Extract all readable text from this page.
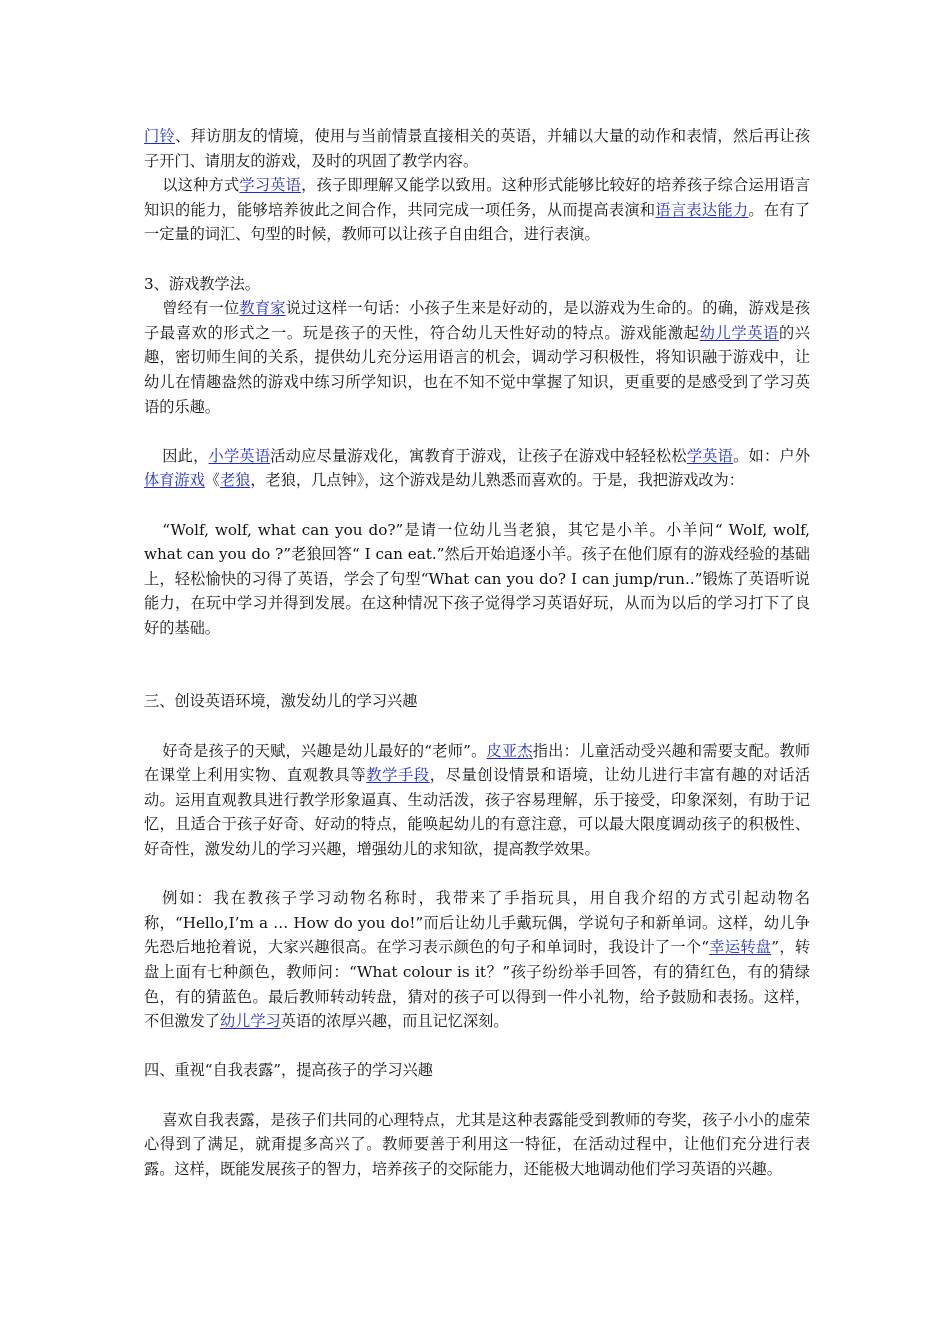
门铃、拜访朋友的情境，使用与当前情景直接相关的英语，并辅以大量的动作和表情，然后再让孩子开门、请朋友的游戏，及时的巩固了教学内容。

以这种方式学习英语，孩子即理解又能学以致用。这种形式能够比较好的培养孩子综合运用语言知识的能力，能够培养彼此之间合作，共同完成一项任务，从而提高表演和语言表达能力。在有了一定量的词汇、句型的时候，教师可以让孩子自由组合，进行表演。

3、游戏教学法。

曾经有一位教育家说过这样一句话：小孩子生来是好动的，是以游戏为生命的。的确，游戏是孩子最喜欢的形式之一。玩是孩子的天性，符合幼儿天性好动的特点。游戏能激起幼儿学英语的兴趣，密切师生间的关系，提供幼儿充分运用语言的机会，调动学习积极性，将知识融于游戏中，让幼儿在情趣盎然的游戏中练习所学知识，也在不知不觉中掌握了知识，更重要的是感受到了学习英语的乐趣。

因此，小学英语活动应尽量游戏化，寓教育于游戏，让孩子在游戏中轻轻松松学英语。如：户外体育游戏《老狼，老狼，几点钟》，这个游戏是幼儿熟悉而喜欢的。于是，我把游戏改为：

“Wolf, wolf, what can you do?”是请一位幼儿当老狼，其它是小羊。小羊问“ Wolf, wolf, what can you do ?”老狼回答“ I can eat.”然后开始追逐小羊。孩子在他们原有的游戏经验的基础上，轻松愉快的习得了英语，学会了句型“What can you do? I can jump/run..”锻炼了英语听说能力，在玩中学习并得到发展。在这种情况下孩子觉得学习英语好玩，从而为以后的学习打下了良好的基础。

三、创设英语环境，激发幼儿的学习兴趣

好奇是孩子的天赋，兴趣是幼儿最好的“老师”。皮亚杰指出：儿童活动受兴趣和需要支配。教师在课堂上利用实物、直观教具等教学手段，尽量创设情景和语境，让幼儿进行丰富有趣的对话活动。运用直观教具进行教学形象逼真、生动活泼，孩子容易理解，乐于接受，印象深刻，有助于记忆，且适合于孩子好奇、好动的特点，能唤起幼儿的有意注意，可以最大限度调动孩子的积极性、好奇性，激发幼儿的学习兴趣，增强幼儿的求知欲，提高教学效果。

例如：我在教孩子学习动物名称时，我带来了手指玩具，用自我介绍的方式引起动物名称，“Hello,I’m a … How do you do!”而后让幼儿手戴玩偶，学说句子和新单词。这样，幼儿争先恐后地抢着说，大家兴趣很高。在学习表示颜色的句子和单词时，我设计了一个“幸运转盘”，转盘上面有七种颜色，教师问：“What colour is it？”孩子纷纷举手回答，有的猜红色，有的猜绿色，有的猜蓝色。最后教师转动转盘，猜对的孩子可以得到一件小礼物，给予鼓励和表扬。这样，不但激发了幼儿学习英语的浓厚兴趣，而且记忆深刻。

四、重视“自我表露”，提高孩子的学习兴趣

喜欢自我表露，是孩子们共同的心理特点，尤其是这种表露能受到教师的夸奖，孩子小小的虚荣心得到了满足，就甭提多高兴了。教师要善于利用这一特征，在活动过程中，让他们充分进行表露。这样，既能发展孩子的智力，培养孩子的交际能力，还能极大地调动他们学习英语的兴趣。
